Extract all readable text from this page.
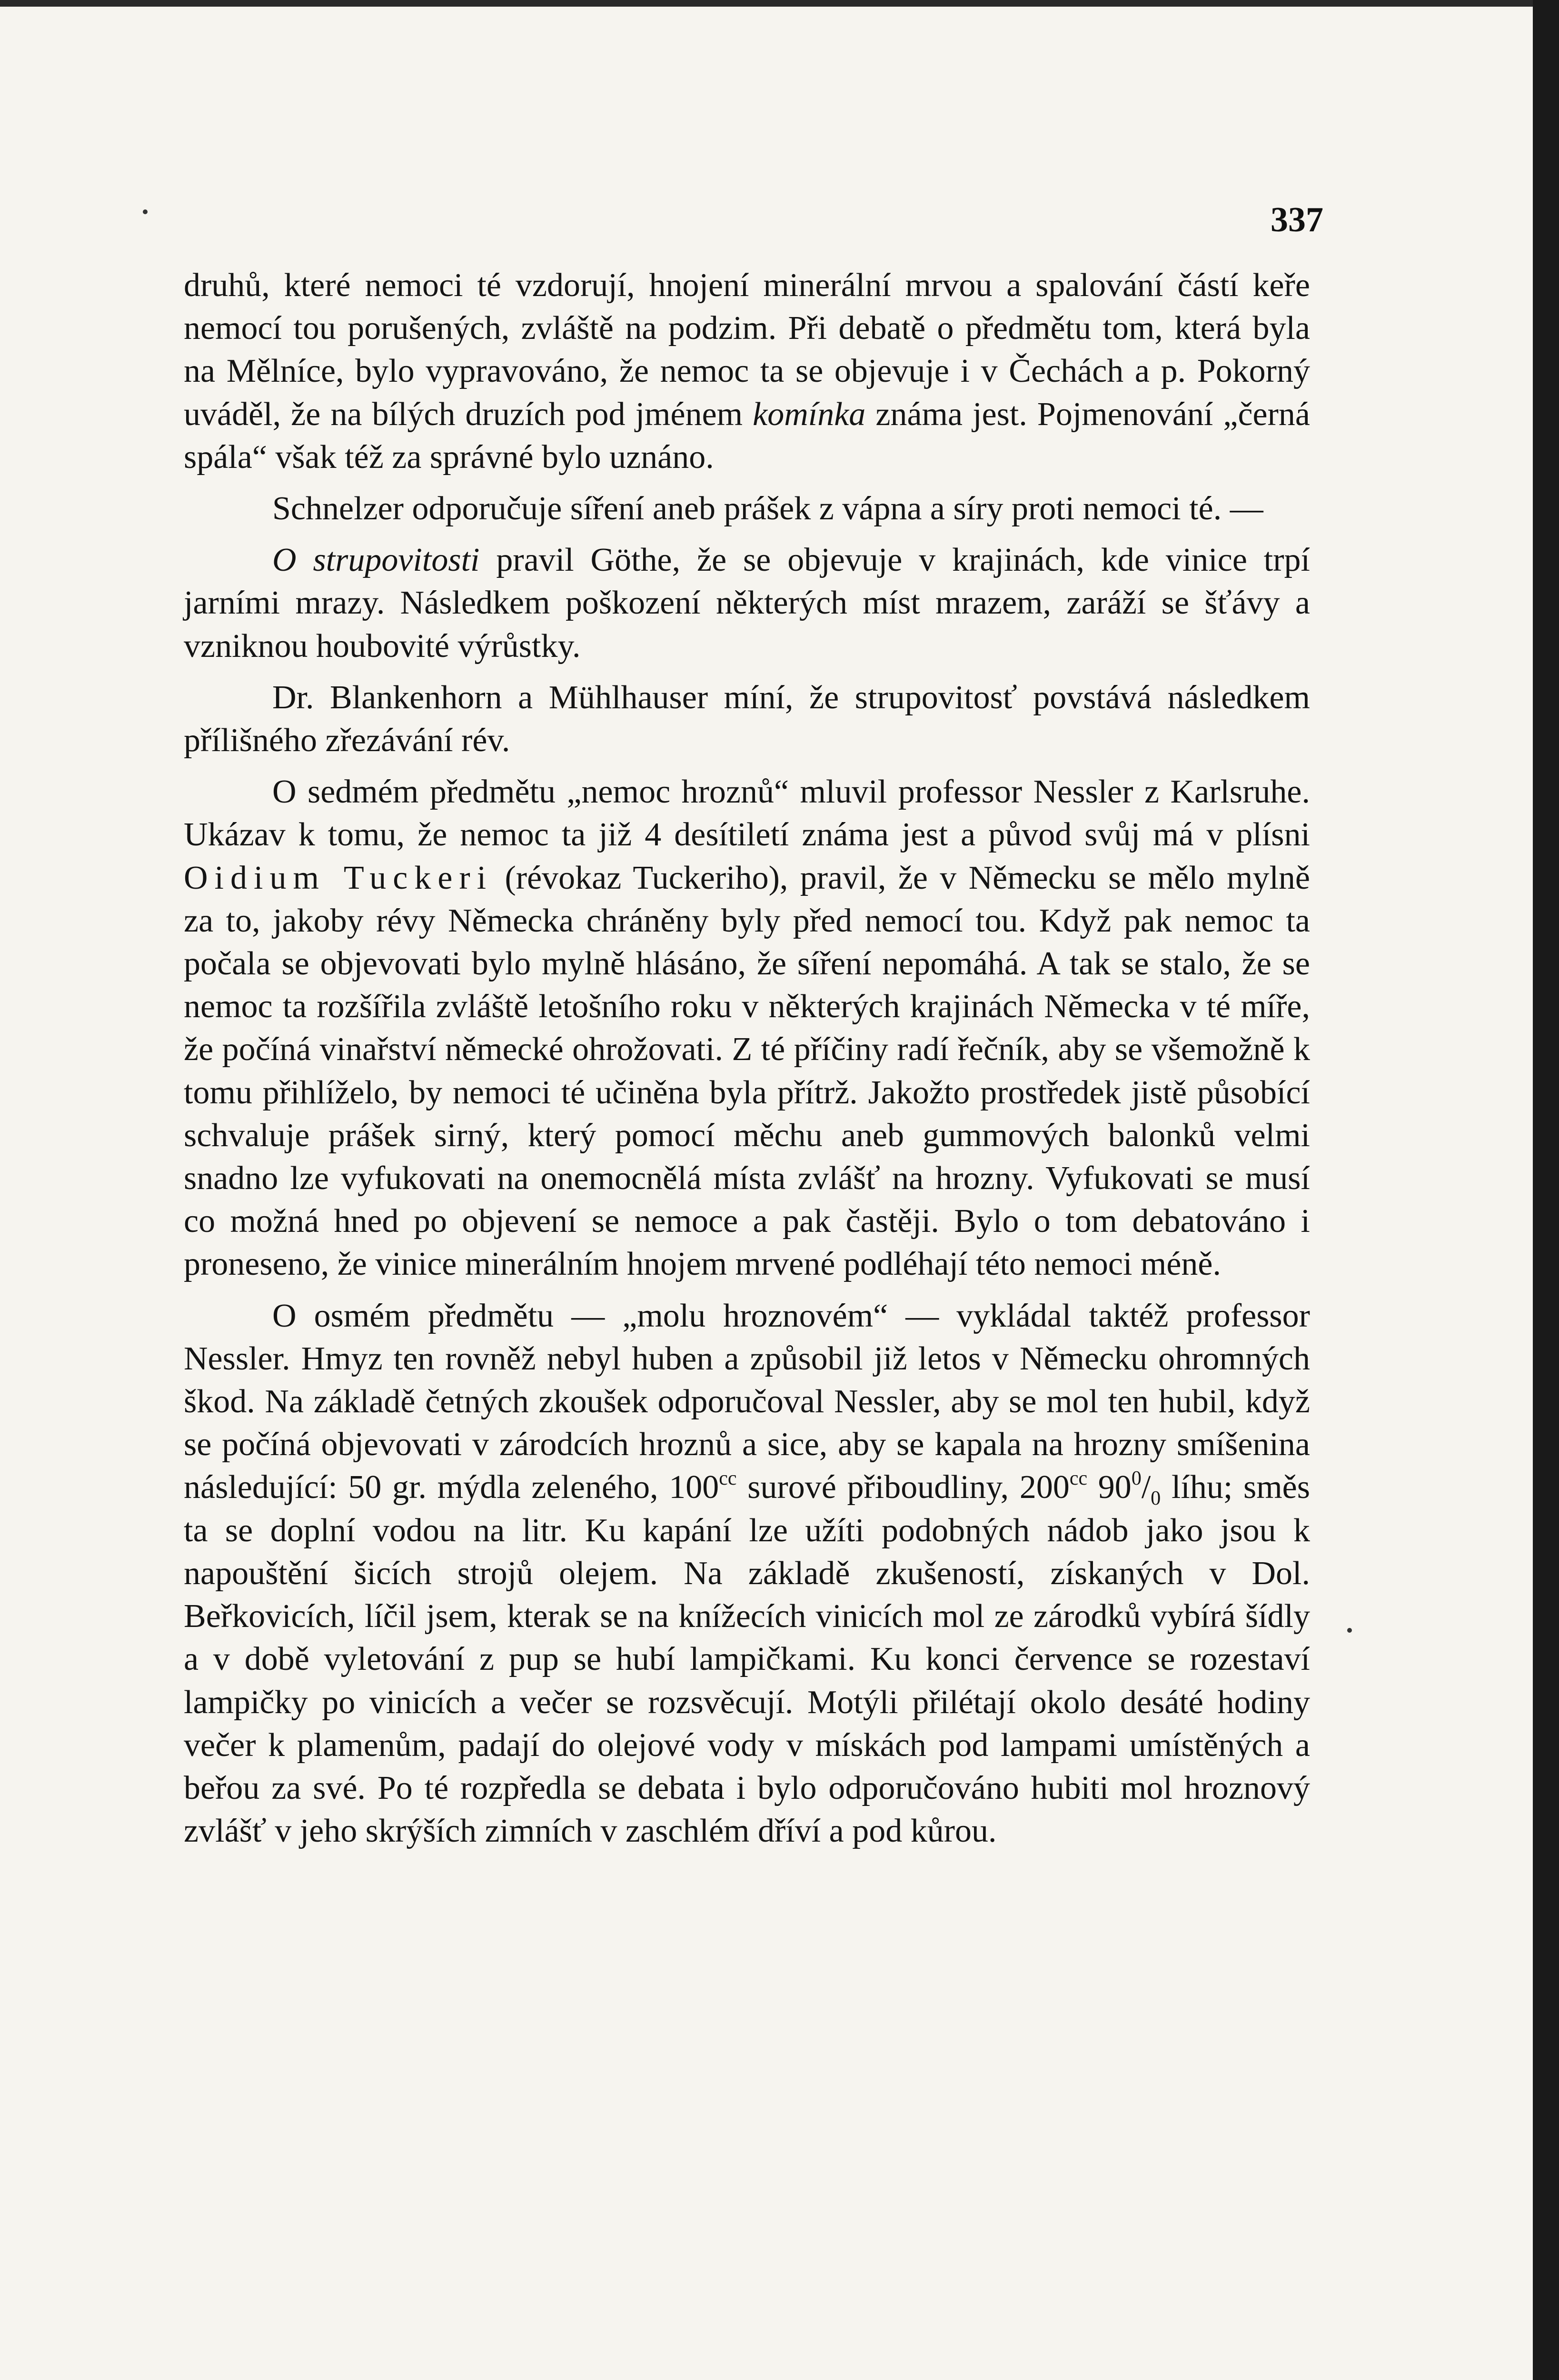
337

druhů, které nemoci té vzdorují, hnojení minerální mrvou a spalování částí keře nemocí tou porušených, zvláště na podzim. Při debatě o předmětu tom, která byla na Mělníce, bylo vypravováno, že nemoc ta se objevuje i v Čechách a p. Pokorný uváděl, že na bílých druzích pod jménem komínka známa jest. Pojmenování „černá spála“ však též za správné bylo uznáno.

Schnelzer odporučuje síření aneb prášek z vápna a síry proti nemoci té. —

O strupovitosti pravil Göthe, že se objevuje v krajinách, kde vinice trpí jarními mrazy. Následkem poškození některých míst mrazem, zaráží se šťávy a vzniknou houbovité výrůstky.

Dr. Blankenhorn a Mühlhauser míní, že strupovitosť povstává následkem přílišného zřezávání rév.

O sedmém předmětu „nemoc hroznů“ mluvil professor Nessler z Karlsruhe. Ukázav k tomu, že nemoc ta již 4 desítiletí známa jest a původ svůj má v plísni Oidium Tuckeri (révokaz Tuckeriho), pravil, že v Německu se mělo mylně za to, jakoby révy Německa chráněny byly před nemocí tou. Když pak nemoc ta počala se objevovati bylo mylně hlásáno, že síření nepomáhá. A tak se stalo, že se nemoc ta rozšířila zvláště letošního roku v některých krajinách Německa v té míře, že počíná vinařství německé ohrožovati. Z té příčiny radí řečník, aby se všemožně k tomu přihlíželo, by nemoci té učiněna byla přítrž. Jakožto prostředek jistě působící schvaluje prášek sirný, který pomocí měchu aneb gummových balonků velmi snadno lze vyfukovati na onemocnělá místa zvlášť na hrozny. Vyfukovati se musí co možná hned po objevení se nemoce a pak častěji. Bylo o tom debatováno i proneseno, že vinice minerálním hnojem mrvené podléhají této nemoci méně.

O osmém předmětu — „molu hroznovém“ — vykládal taktéž professor Nessler. Hmyz ten rovněž nebyl huben a způsobil již letos v Německu ohromných škod. Na základě četných zkoušek odporučoval Nessler, aby se mol ten hubil, když se počíná objevovati v zárodcích hroznů a sice, aby se kapala na hrozny smíšenina následující: 50 gr. mýdla zeleného, $100^{cc}$ surové přiboudliny, $200^{cc}$ $90^0/_0$ líhu; směs ta se doplní vodou na litr. Ku kapání lze užíti podobných nádob jako jsou k napouštění šicích strojů olejem. Na základě zkušeností, získaných v Dol. Beřkovicích, líčil jsem, kterak se na knížecích vinicích mol ze zárodků vybírá šídly a v době vyletování z pup se hubí lampičkami. Ku konci července se rozestaví lampičky po vinicích a večer se rozsvěcují. Motýli přilétají okolo desáté hodiny večer k plamenům, padají do olejové vody v mískách pod lampami umístěných a beřou za své. Po té rozpředla se debata i bylo odporučováno hubiti mol hroznový zvlášť v jeho skrýších zimních v zaschlém dříví a pod kůrou.
